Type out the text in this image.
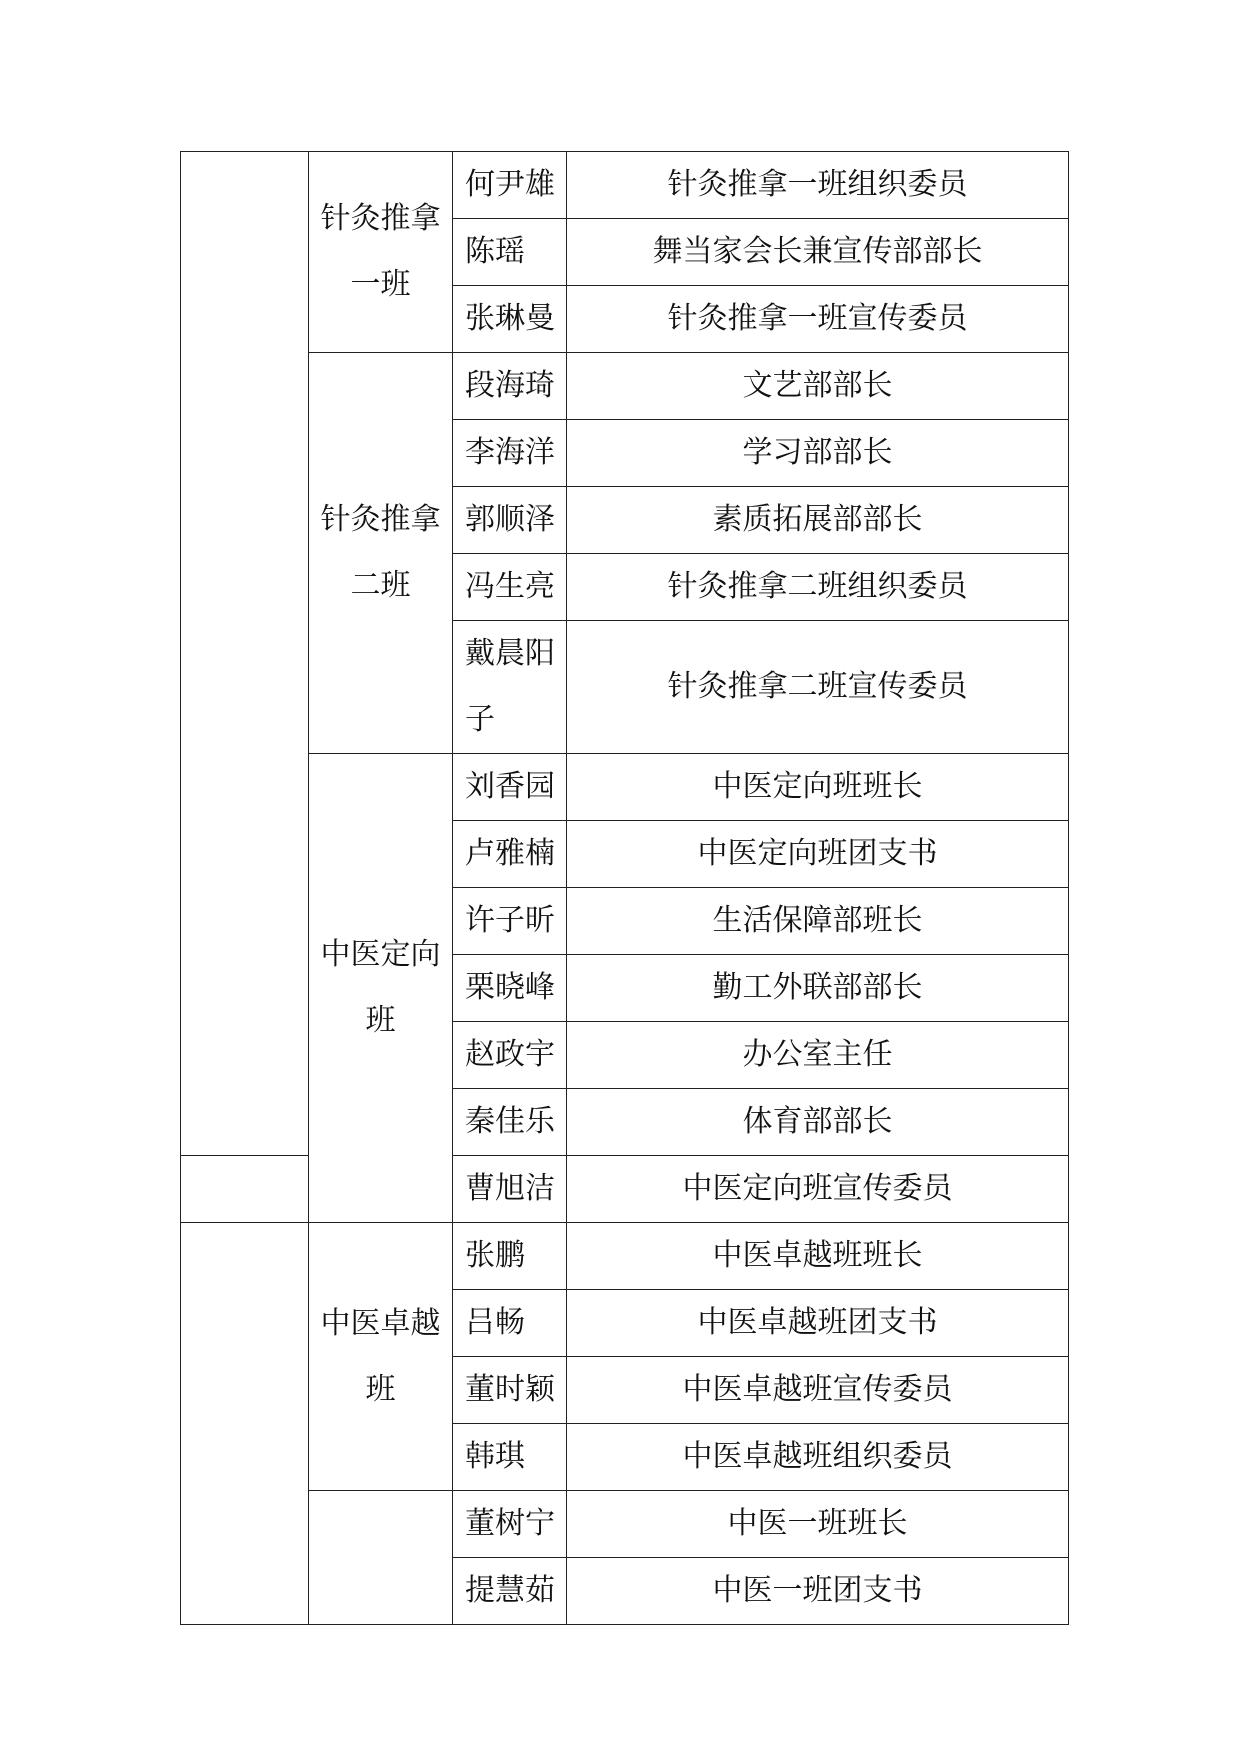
	针灸推拿一班	何尹雄	针灸推拿一班组织委员
		陈瑶	舞当家会长兼宣传部部长
		张琳曼	针灸推拿一班宣传委员

	针灸推拿二班	段海琦	文艺部部长
		李海洋	学习部部长
		郭顺泽	素质拓展部部长
		冯生亮	针灸推拿二班组织委员

		戴晨阳子	针灸推拿二班宣传委员

	中医定向班	刘香园	中医定向班班长
		卢雅楠	中医定向班团支书
		许子昕	生活保障部班长
		栗晓峰	勤工外联部部长
		赵政宇	办公室主任
		秦佳乐	体育部部长
		曹旭洁	中医定向班宣传委员

	中医卓越班	张鹏	中医卓越班班长
		吕畅	中医卓越班团支书
		董时颖	中医卓越班宣传委员
		韩琪	中医卓越班组织委员

		董树宁	中医一班班长
		提慧茹	中医一班团支书
